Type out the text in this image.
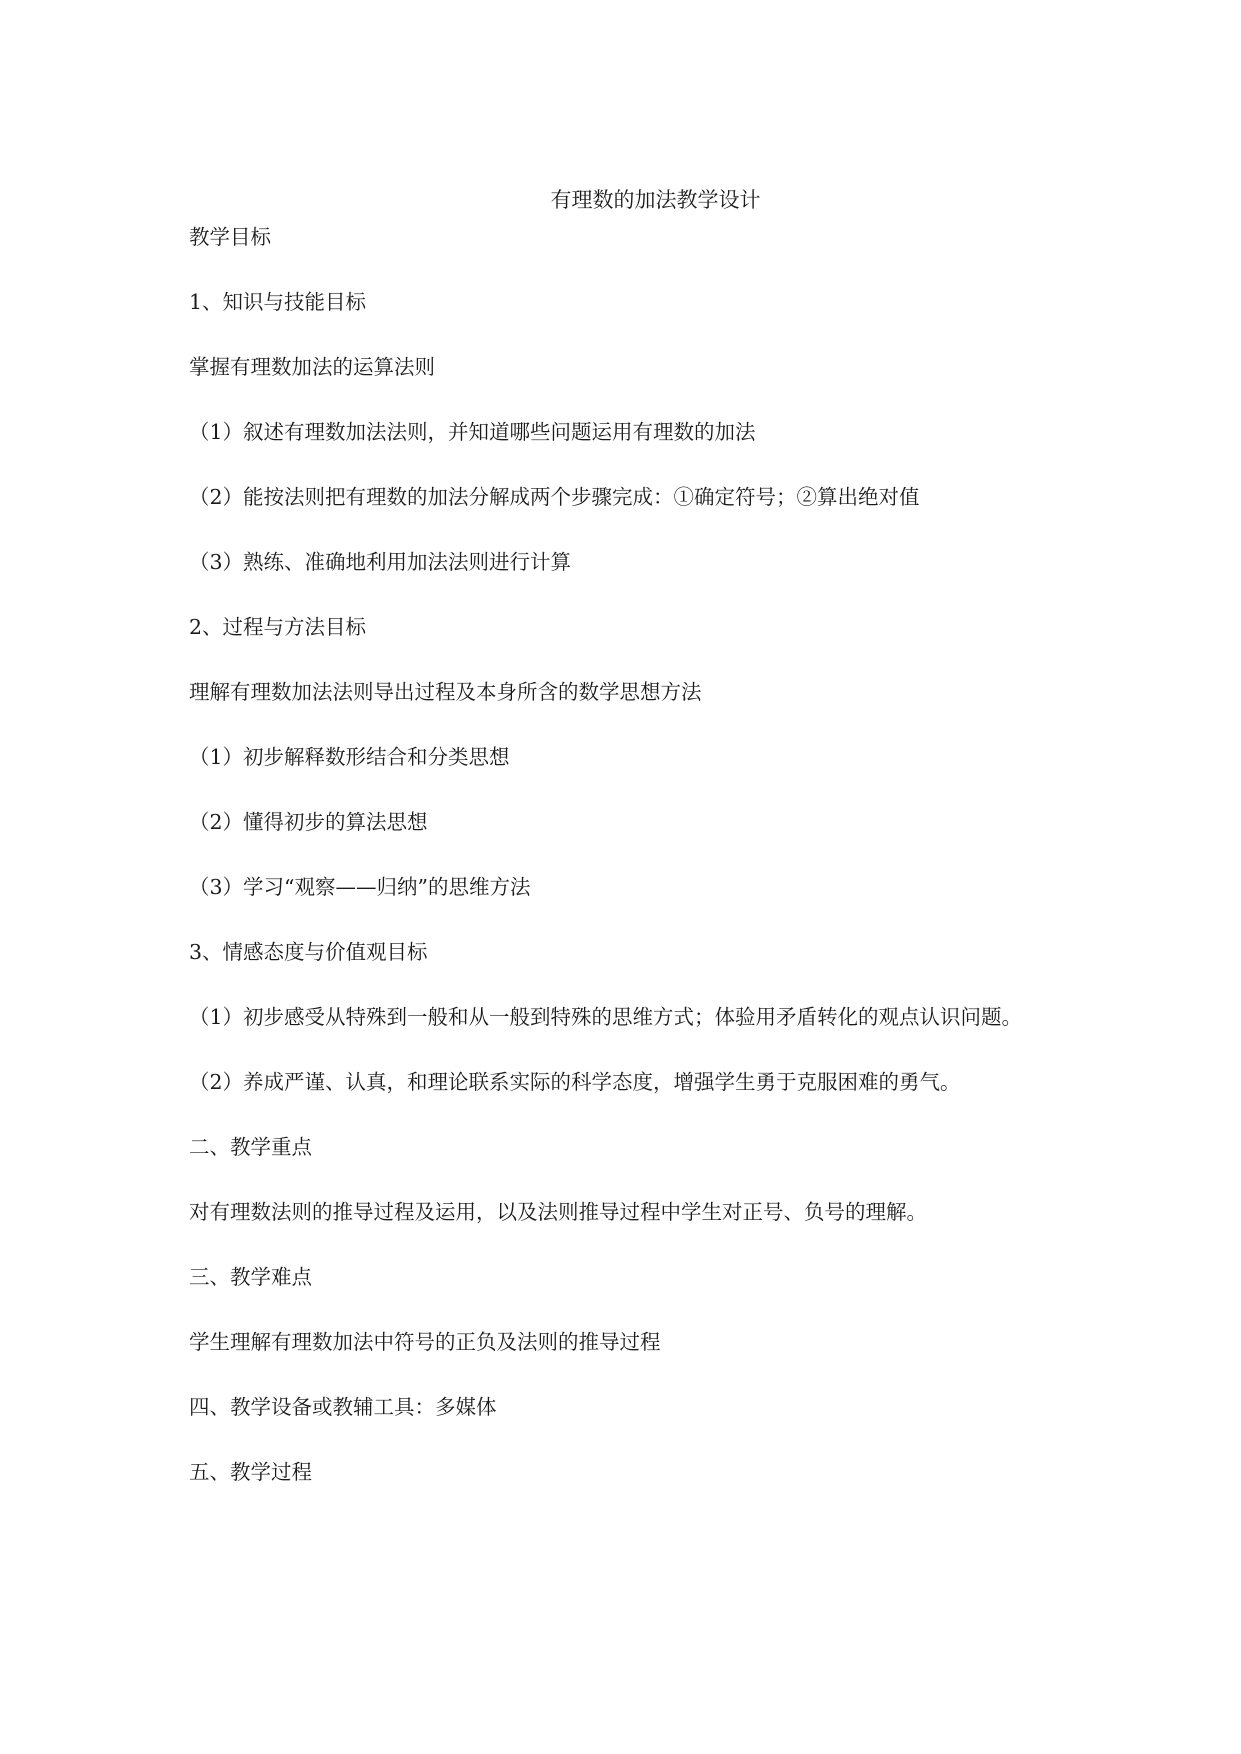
有理数的加法教学设计

教学目标

1、知识与技能目标

掌握有理数加法的运算法则

（1）叙述有理数加法法则，并知道哪些问题运用有理数的加法

（2）能按法则把有理数的加法分解成两个步骤完成：①确定符号；②算出绝对值

（3）熟练、准确地利用加法法则进行计算

2、过程与方法目标

理解有理数加法法则导出过程及本身所含的数学思想方法

（1）初步解释数形结合和分类思想

（2）懂得初步的算法思想

（3）学习“观察——归纳”的思维方法

3、情感态度与价值观目标

（1）初步感受从特殊到一般和从一般到特殊的思维方式；体验用矛盾转化的观点认识问题。

（2）养成严谨、认真，和理论联系实际的科学态度，增强学生勇于克服困难的勇气。

二、教学重点

对有理数法则的推导过程及运用，以及法则推导过程中学生对正号、负号的理解。

三、教学难点

学生理解有理数加法中符号的正负及法则的推导过程

四、教学设备或教辅工具：多媒体

五、教学过程
